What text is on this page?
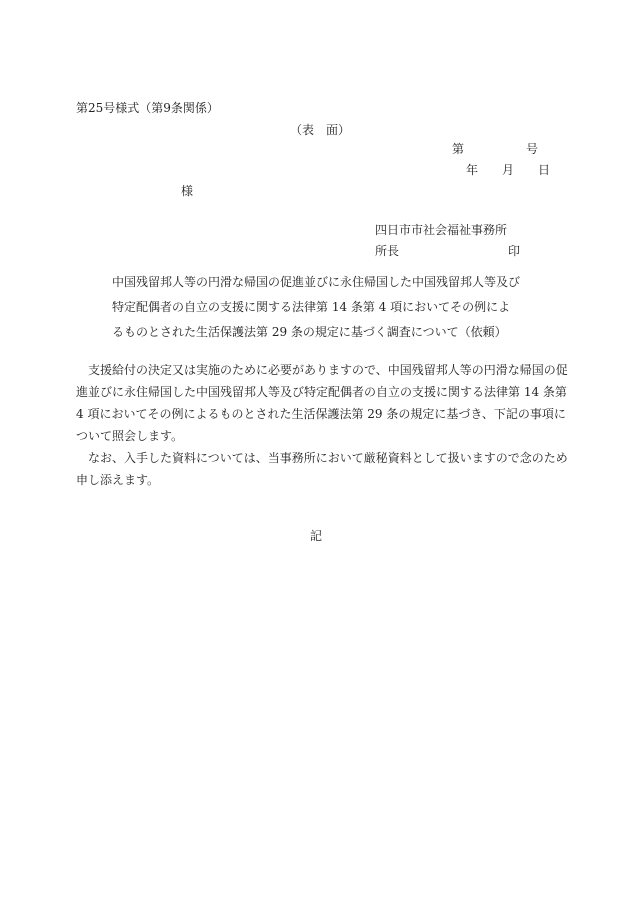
第25号様式（第9条関係）
（表　面）
第	号
年 月 日
様
四日市市社会福祉事務所
所長	印
中国残留邦人等の円滑な帰国の促進並びに永住帰国した中国残留邦人等及び
特定配偶者の自立の支援に関する法律第 14 条第 4 項においてその例によ
るものとされた生活保護法第 29 条の規定に基づく調査について（依頼）
　支援給付の決定又は実施のために必要がありますので、中国残留邦人等の円滑な帰国の促
進並びに永住帰国した中国残留邦人等及び特定配偶者の自立の支援に関する法律第 14 条第
4 項においてその例によるものとされた生活保護法第 29 条の規定に基づき、下記の事項に
ついて照会します。
　なお、入手した資料については、当事務所において厳秘資料として扱いますので念のため
申し添えます。
記
